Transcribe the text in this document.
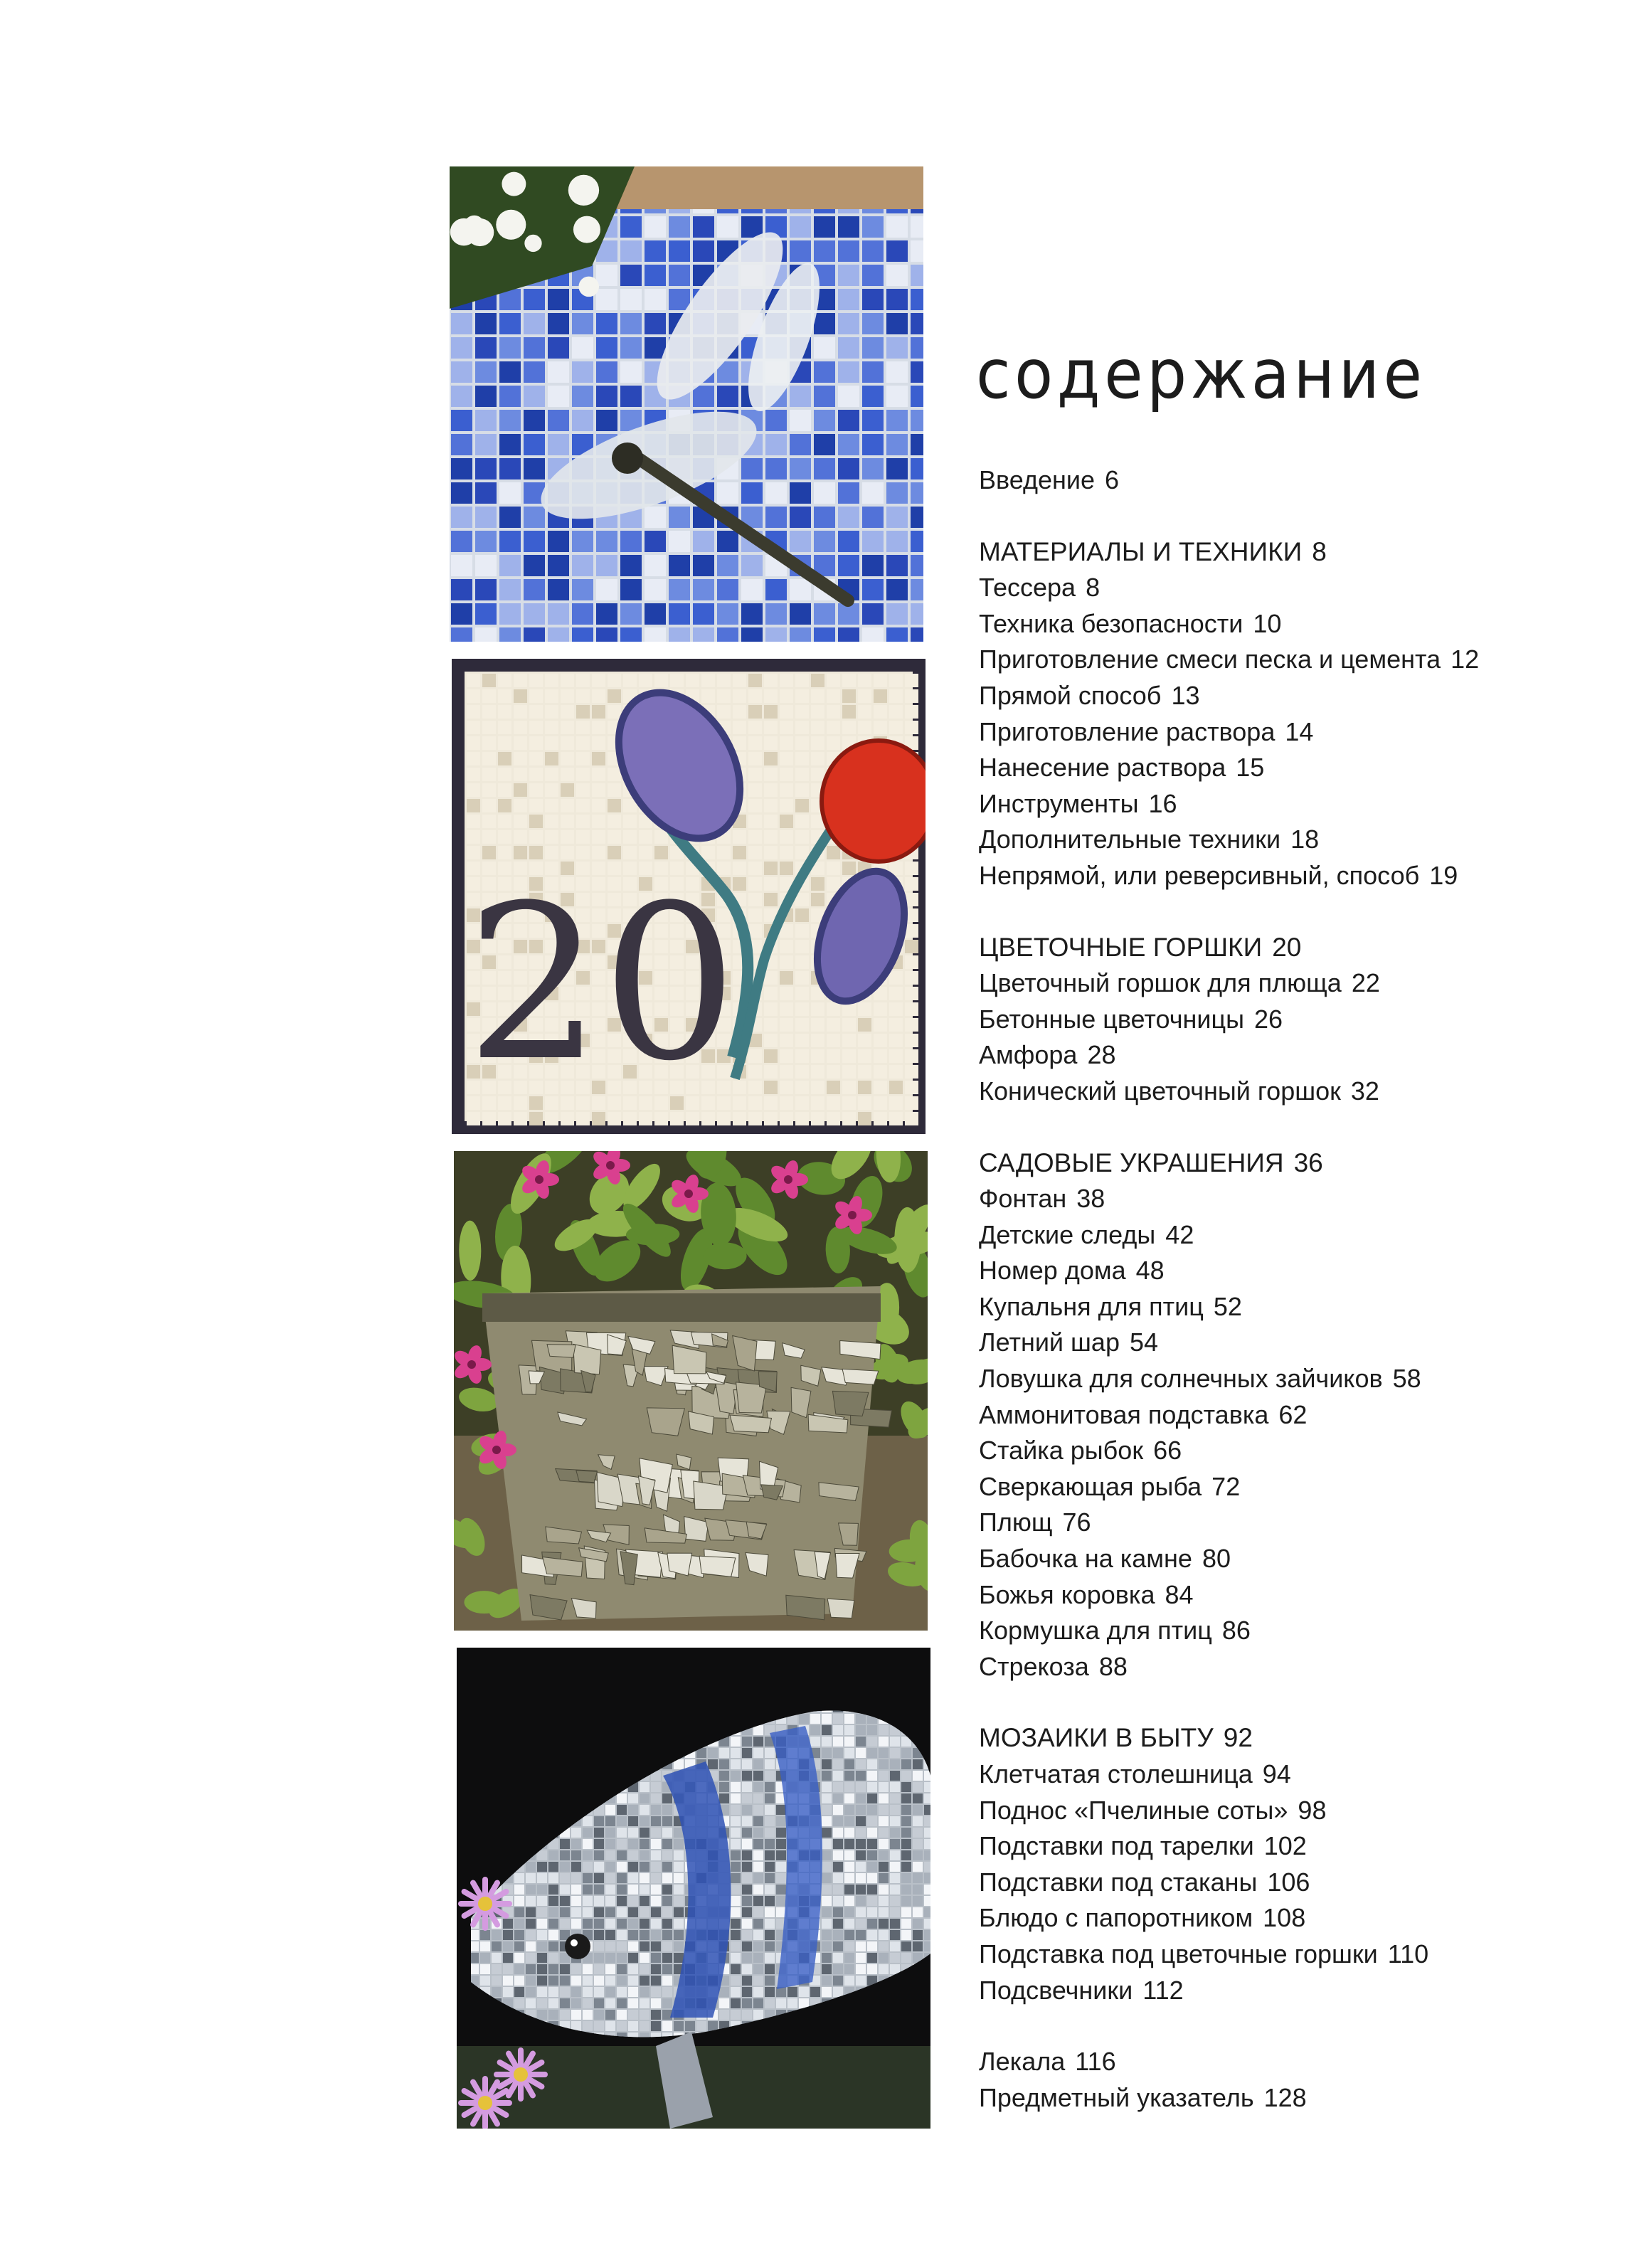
20
содержание
Введение 6
МАТЕРИАЛЫ И ТЕХНИКИ 8
Тессера 8
Техника безопасности 10
Приготовление смеси песка и цемента 12
Прямой способ 13
Приготовление раствора 14
Нанесение раствора 15
Инструменты 16
Дополнительные техники 18
Непрямой, или реверсивный, способ 19
ЦВЕТОЧНЫЕ ГОРШКИ 20
Цветочный горшок для плюща 22
Бетонные цветочницы 26
Амфора 28
Конический цветочный горшок 32
САДОВЫЕ УКРАШЕНИЯ 36
Фонтан 38
Детские следы 42
Номер дома 48
Купальня для птиц 52
Летний шар 54
Ловушка для солнечных зайчиков 58
Аммонитовая подставка 62
Стайка рыбок 66
Сверкающая рыба 72
Плющ 76
Бабочка на камне 80
Божья коровка 84
Кормушка для птиц 86
Стрекоза 88
МОЗАИКИ В БЫТУ 92
Клетчатая столешница 94
Поднос «Пчелиные соты» 98
Подставки под тарелки 102
Подставки под стаканы 106
Блюдо с папоротником 108
Подставка под цветочные горшки 110
Подсвечники 112
Лекала 116
Предметный указатель 128
